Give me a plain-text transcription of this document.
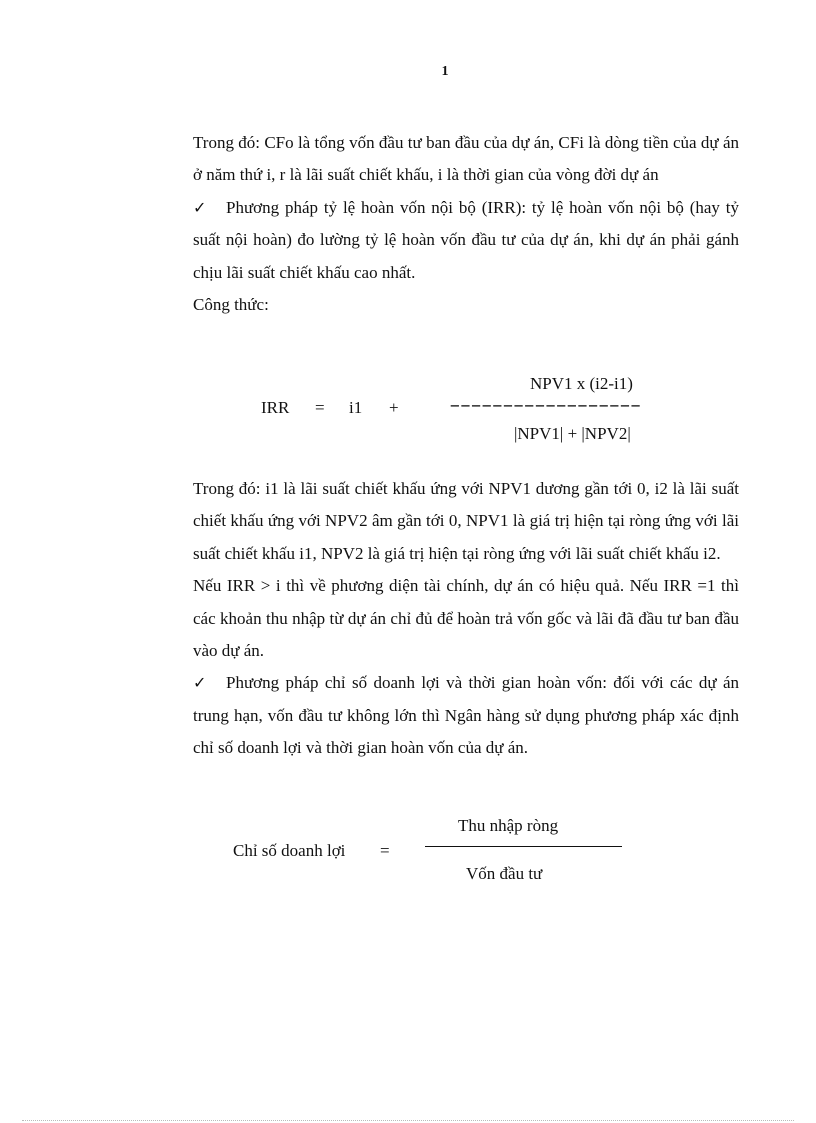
1

Trong đó: CFo là tổng vốn đầu tư ban đầu của dự án, CFi là dòng tiền của dự án ở năm thứ i, r là lãi suất chiết khấu, i là thời gian của vòng đời dự án

✓ Phương pháp tỷ lệ hoàn vốn nội bộ (IRR): tỷ lệ hoàn vốn nội bộ (hay tỷ suất nội hoàn) đo lường tỷ lệ hoàn vốn đầu tư của dự án, khi dự án phải gánh chịu lãi suất chiết khấu cao nhất.

Công thức:

IRR = i1 +
NPV1 x (i2-i1)
−−−−−−−−−−−−−−−−−−
|NPV1| + |NPV2|

Trong đó: i1 là lãi suất chiết khấu ứng với NPV1 dương gần tới 0, i2 là lãi suất chiết khấu ứng với NPV2 âm gần tới 0, NPV1 là giá trị hiện tại ròng ứng với lãi suất chiết khấu i1, NPV2 là giá trị hiện tại ròng ứng với lãi suất chiết khấu i2.

Nếu IRR > i thì về phương diện tài chính, dự án có hiệu quả. Nếu IRR =1 thì các khoản thu nhập từ dự án chỉ đủ để hoàn trả vốn gốc và lãi đã đầu tư ban đầu vào dự án.

✓ Phương pháp chỉ số doanh lợi và thời gian hoàn vốn: đối với các dự án trung hạn, vốn đầu tư không lớn thì Ngân hàng sử dụng phương pháp xác định chỉ số doanh lợi và thời gian hoàn vốn của dự án.

Chỉ số doanh lợi =
Thu nhập ròng
Vốn đầu tư
